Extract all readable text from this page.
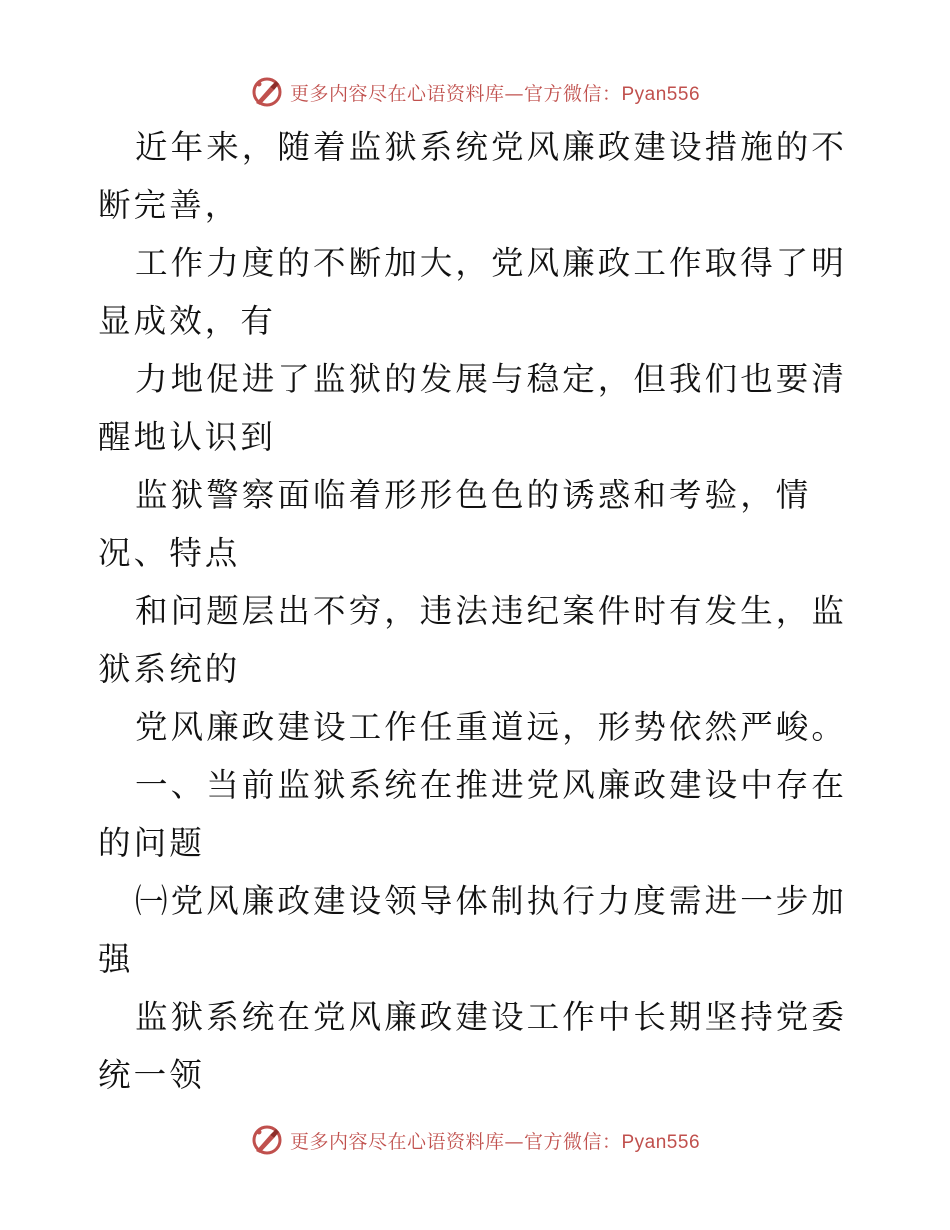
更多内容尽在心语资料库—官方微信：Pyan556

近年来，随着监狱系统党风廉政建设措施的不断完善，

工作力度的不断加大，党风廉政工作取得了明显成效，有

力地促进了监狱的发展与稳定，但我们也要清醒地认识到

监狱警察面临着形形色色的诱惑和考验，情况、特点

和问题层出不穷，违法违纪案件时有发生，监狱系统的

党风廉政建设工作任重道远，形势依然严峻。

一、当前监狱系统在推进党风廉政建设中存在的问题

㈠党风廉政建设领导体制执行力度需进一步加强

监狱系统在党风廉政建设工作中长期坚持党委统一领

更多内容尽在心语资料库—官方微信：Pyan556
